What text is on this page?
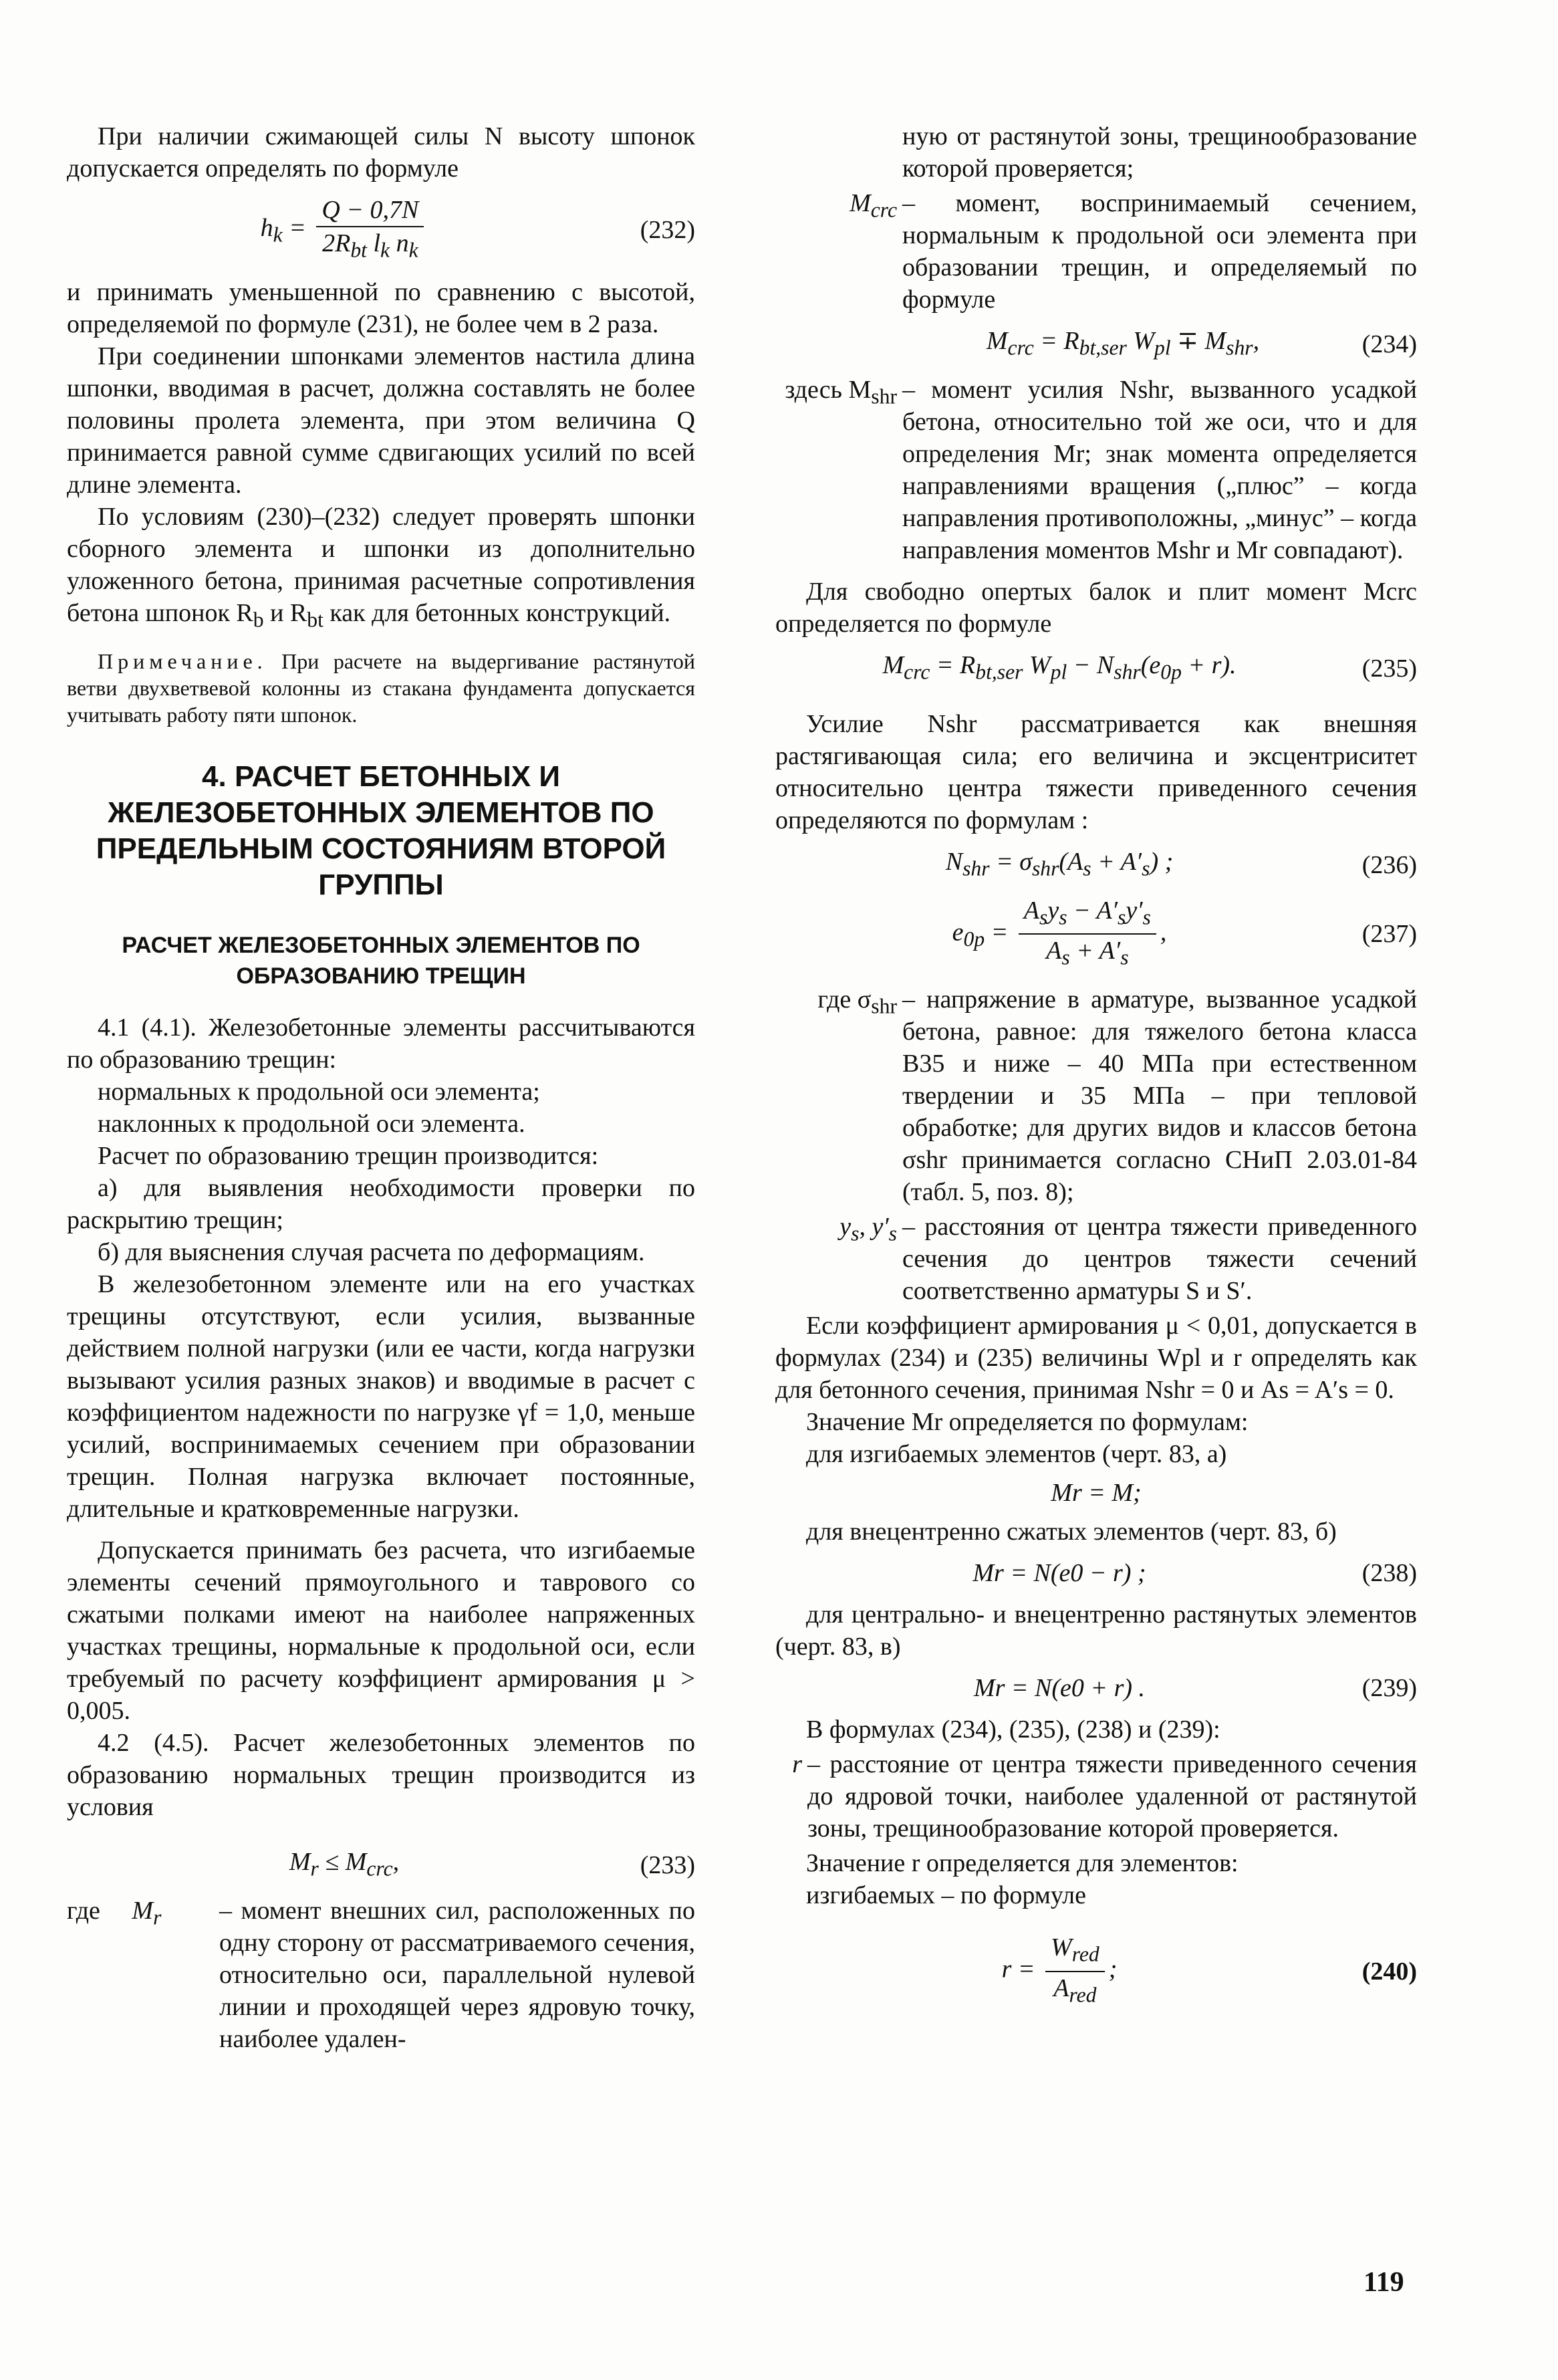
При наличии сжимающей силы N высоту шпонок допускается определять по формуле

$h_k = \frac{Q - 0,7N}{2R_{bt} l_k n_k}$	(232)

и принимать уменьшенной по сравнению с высотой, определяемой по формуле (231), не более чем в 2 раза.

При соединении шпонками элементов настила длина шпонки, вводимая в расчет, должна составлять не более половины пролета элемента, при этом величина Q принимается равной сумме сдвигающих усилий по всей длине элемента.

По условиям (230)–(232) следует проверять шпонки сборного элемента и шпонки из дополнительно уложенного бетона, принимая расчетные сопротивления бетона шпонок $R_b$ и $R_{bt}$ как для бетонных конструкций.

Примечание. При расчете на выдергивание растянутой ветви двухветвевой колонны из стакана фундамента допускается учитывать работу пяти шпонок.

4. РАСЧЕТ БЕТОННЫХ И ЖЕЛЕЗОБЕТОННЫХ ЭЛЕМЕНТОВ ПО ПРЕДЕЛЬНЫМ СОСТОЯНИЯМ ВТОРОЙ ГРУППЫ
РАСЧЕТ ЖЕЛЕЗОБЕТОННЫХ ЭЛЕМЕНТОВ ПО ОБРАЗОВАНИЮ ТРЕЩИН

4.1 (4.1). Железобетонные элементы рассчитываются по образованию трещин:

нормальных к продольной оси элемента;

наклонных к продольной оси элемента.

Расчет по образованию трещин производится:

а) для выявления необходимости проверки по раскрытию трещин;

б) для выяснения случая расчета по деформациям.

В железобетонном элементе или на его участках трещины отсутствуют, если усилия, вызванные действием полной нагрузки (или ее части, когда нагрузки вызывают усилия разных знаков) и вводимые в расчет с коэффициентом надежности по нагрузке γf = 1,0, меньше усилий, воспринимаемых сечением при образовании трещин. Полная нагрузка включает постоянные, длительные и кратковременные нагрузки.

Допускается принимать без расчета, что изгибаемые элементы сечений прямоугольного и таврового со сжатыми полками имеют на наиболее напряженных участках трещины, нормальные к продольной оси, если требуемый по расчету коэффициент армирования μ > 0,005.

4.2 (4.5). Расчет железобетонных элементов по образованию нормальных трещин производится из условия

$M_r \le M_{crc}$,	(233)
где $M_r$	– момент внешних сил, расположенных по одну сторону от рассматриваемого сечения, относительно оси, параллельной нулевой линии и проходящей через ядровую точку, наиболее удален-

ную от растянутой зоны, трещинообразование которой проверяется;

$M_{crc}$ – момент, воспринимаемый сечением, нормальным к продольной оси элемента при образовании трещин, и определяемый по формуле
$M_{crc} = R_{bt,ser}$ $W_{pl} \mp M_{shr}$,	(234)
здесь $M_{shr}$ – момент усилия Nshr, вызванного усадкой бетона, относительно той же оси, что и для определения Mr; знак момента определяется направлениями вращения („плюс” – когда направления противоположны, „минус” – когда направления моментов Mshr и Mr совпадают).

Для свободно опертых балок и плит момент Mcrc определяется по формуле

$M_{crc} = R_{bt,ser}$ $W_{pl} - N_{shr}(e_{0p} + r)$.	(235)

Усилие Nshr рассматривается как внешняя растягивающая сила; его величина и эксцентриситет относительно центра тяжести приведенного сечения определяются по формулам :

$N_{shr} = \sigma_{shr}(A_s + A'_s)$ ;	(236)
$e_{0p} = \frac{A_sy_s - A'_sy'_s}{A_s + A'_s}$ ,	(237)
где $\sigma_{shr}$ – напряжение в арматуре, вызванное усадкой бетона, равное: для тяжелого бетона класса В35 и ниже – 40 МПа при естественном твердении и 35 МПа – при тепловой обработке; для других видов и классов бетона σshr принимается согласно СНиП 2.03.01-84 (табл. 5, поз. 8);
$y_s$, $y'_s$ – расстояния от центра тяжести приведенного сечения до центров тяжести сечений соответственно арматуры S и S′.

Если коэффициент армирования μ < 0,01, допускается в формулах (234) и (235) величины Wpl и r определять как для бетонного сечения, принимая Nshr = 0 и As = A′s = 0.

Значение Mr определяется по формулам:

для изгибаемых элементов (черт. 83, а)

Mr = M;

для внецентренно сжатых элементов (черт. 83, б)

Mr = N(e0 − r) ;	(238)

для центрально- и внецентренно растянутых элементов (черт. 83, в)

Mr = N(e0 + r) .	(239)

В формулах (234), (235), (238) и (239):

r – расстояние от центра тяжести приведенного сечения до ядровой точки, наиболее удаленной от растянутой зоны, трещинообразование которой проверяется.

Значение r определяется для элементов:

изгибаемых – по формуле

$r = \frac{W_{red}}{A_{red}}$ ;	(240)
119
